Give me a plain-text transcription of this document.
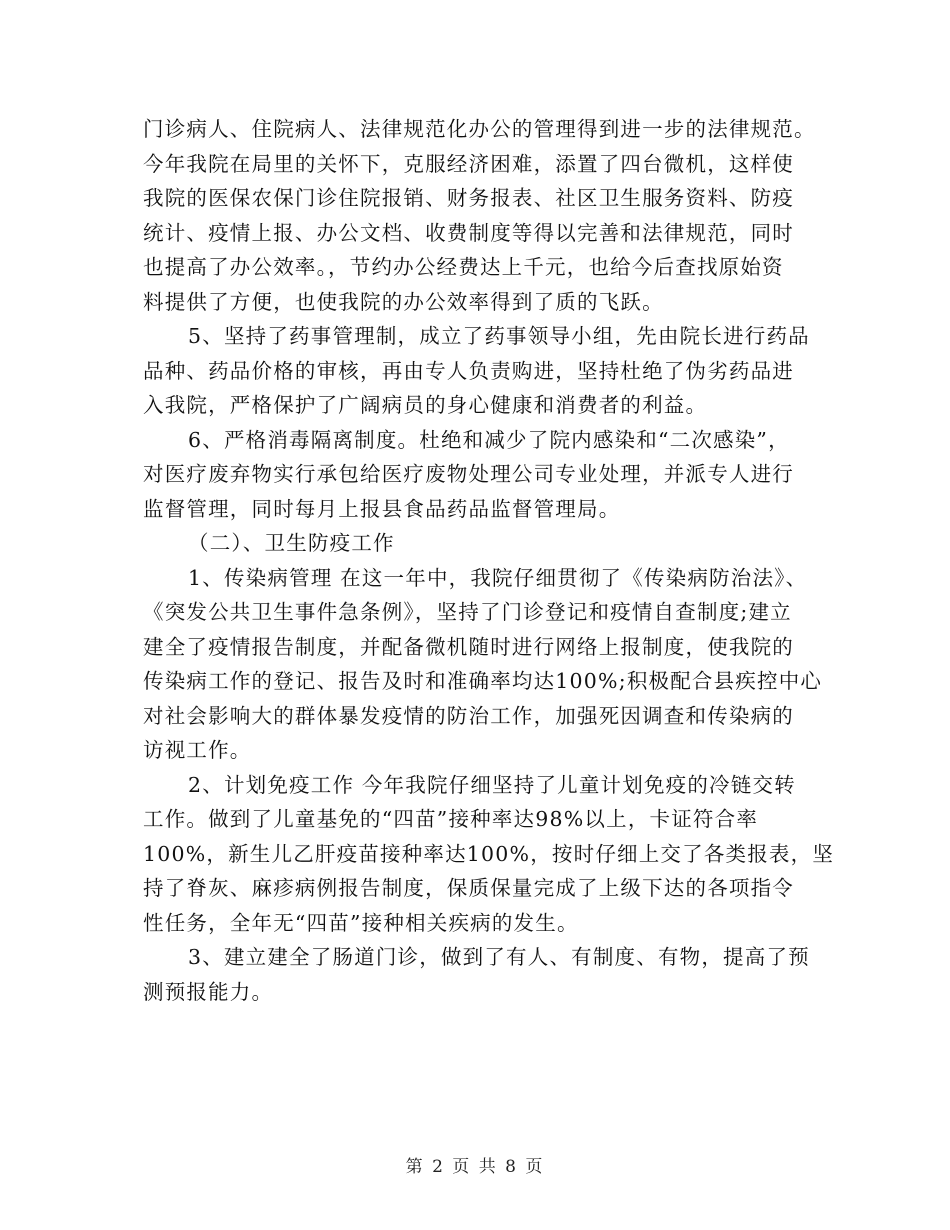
门诊病人、住院病人、法律规范化办公的管理得到进一步的法律规范。
今年我院在局里的关怀下，克服经济困难，添置了四台微机，这样使
我院的医保农保门诊住院报销、财务报表、社区卫生服务资料、防疫
统计、疫情上报、办公文档、收费制度等得以完善和法律规范，同时
也提高了办公效率。，节约办公经费达上千元，也给今后查找原始资
料提供了方便，也使我院的办公效率得到了质的飞跃。

5、坚持了药事管理制，成立了药事领导小组，先由院长进行药品
品种、药品价格的审核，再由专人负责购进，坚持杜绝了伪劣药品进
入我院，严格保护了广阔病员的身心健康和消费者的利益。

6、严格消毒隔离制度。杜绝和减少了院内感染和“二次感染”，
对医疗废弃物实行承包给医疗废物处理公司专业处理，并派专人进行
监督管理，同时每月上报县食品药品监督管理局。

（二）、卫生防疫工作

1、传染病管理 在这一年中，我院仔细贯彻了《传染病防治法》、
《突发公共卫生事件急条例》，坚持了门诊登记和疫情自查制度;建立
建全了疫情报告制度，并配备微机随时进行网络上报制度，使我院的
传染病工作的登记、报告及时和准确率均达100%;积极配合县疾控中心
对社会影响大的群体暴发疫情的防治工作，加强死因调查和传染病的
访视工作。

2、计划免疫工作 今年我院仔细坚持了儿童计划免疫的冷链交转
工作。做到了儿童基免的“四苗”接种率达98%以上，卡证符合率
100%，新生儿乙肝疫苗接种率达100%，按时仔细上交了各类报表，坚
持了脊灰、麻疹病例报告制度，保质保量完成了上级下达的各项指令
性任务，全年无“四苗”接种相关疾病的发生。

3、建立建全了肠道门诊，做到了有人、有制度、有物，提高了预
测预报能力。

第 2 页 共 8 页
